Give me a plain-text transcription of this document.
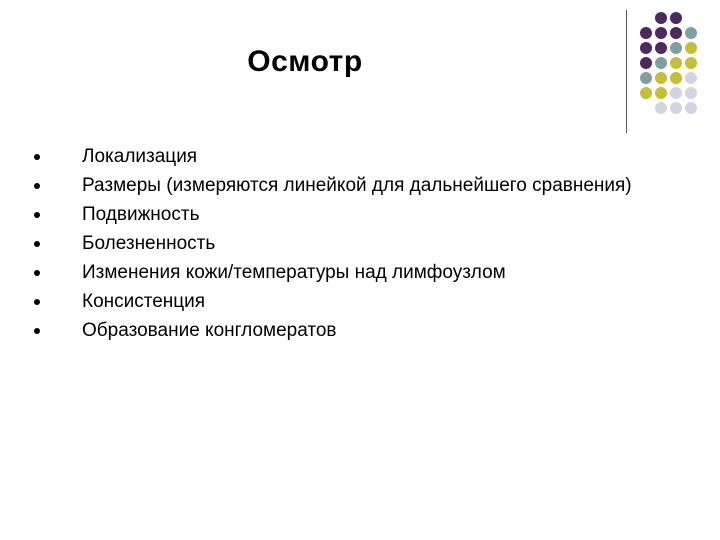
Осмотр
Локализация
Размеры (измеряются линейкой для дальнейшего сравнения)
Подвижность
Болезненность
Изменения кожи/температуры над лимфоузлом
Консистенция
Образование конгломератов
